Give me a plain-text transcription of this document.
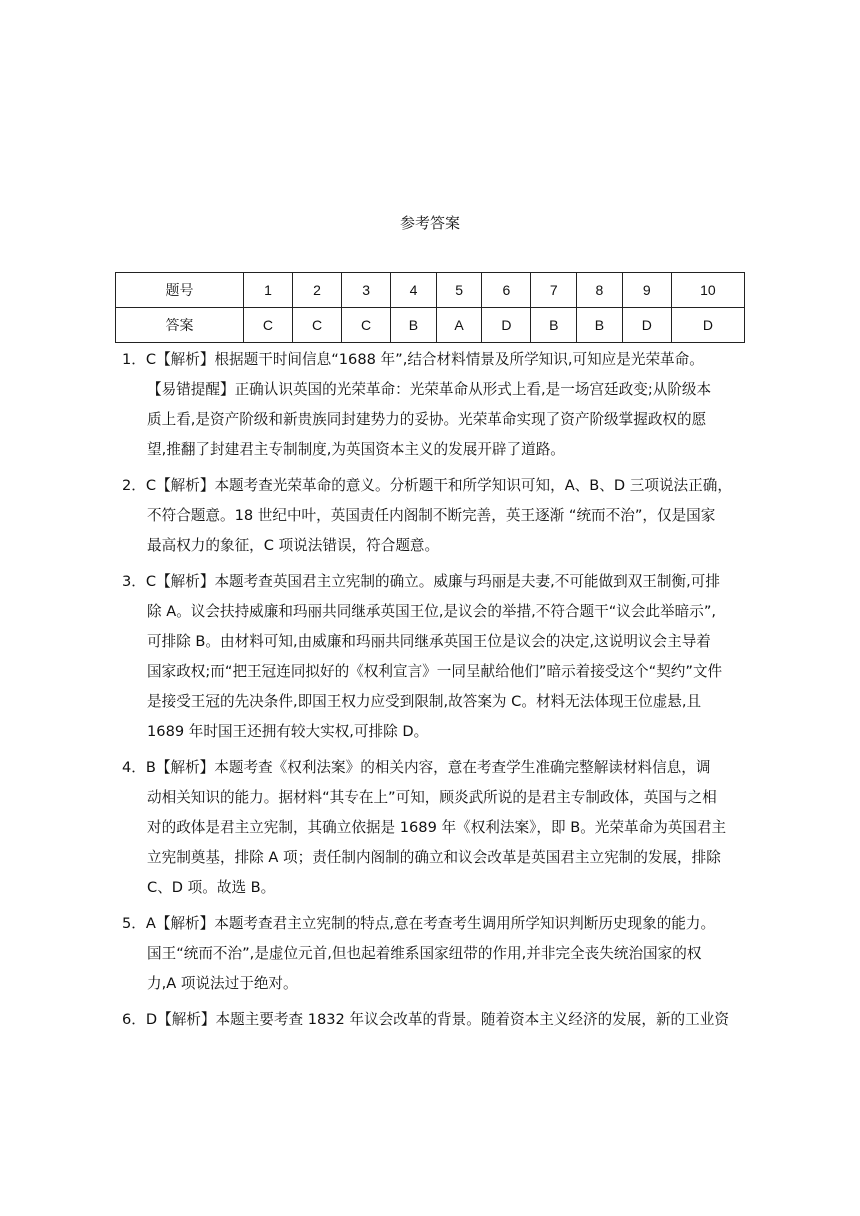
参考答案
题号	1	2	3	4	5	6	7	8	9	10
答案	C	C	C	B	A	D	B	B	D	D
1．C【解析】根据题干时间信息“1688 年”,结合材料情景及所学知识,可知应是光荣革命。
【易错提醒】正确认识英国的光荣革命：光荣革命从形式上看,是一场宫廷政变;从阶级本
质上看,是资产阶级和新贵族同封建势力的妥协。光荣革命实现了资产阶级掌握政权的愿
望,推翻了封建君主专制制度,为英国资本主义的发展开辟了道路。
2．C【解析】本题考查光荣革命的意义。分析题干和所学知识可知，A、B、D 三项说法正确，
不符合题意。18 世纪中叶，英国责任内阁制不断完善，英王逐渐 “统而不治”，仅是国家
最高权力的象征，C 项说法错误，符合题意。
3．C【解析】本题考查英国君主立宪制的确立。威廉与玛丽是夫妻,不可能做到双王制衡,可排
除 A。议会扶持威廉和玛丽共同继承英国王位,是议会的举措,不符合题干“议会此举暗示”,
可排除 B。由材料可知,由威廉和玛丽共同继承英国王位是议会的决定,这说明议会主导着
国家政权;而“把王冠连同拟好的《权利宣言》一同呈献给他们”暗示着接受这个“契约”文件
是接受王冠的先决条件,即国王权力应受到限制,故答案为 C。材料无法体现王位虚悬,且
1689 年时国王还拥有较大实权,可排除 D。
4．B【解析】本题考查《权利法案》的相关内容，意在考查学生准确完整解读材料信息，调
动相关知识的能力。据材料“其专在上”可知，顾炎武所说的是君主专制政体，英国与之相
对的政体是君主立宪制，其确立依据是 1689 年《权利法案》，即 B。光荣革命为英国君主
立宪制奠基，排除 A 项；责任制内阁制的确立和议会改革是英国君主立宪制的发展，排除
C、D 项。故选 B。
5．A【解析】本题考查君主立宪制的特点,意在考查考生调用所学知识判断历史现象的能力。
国王“统而不治”,是虚位元首,但也起着维系国家纽带的作用,并非完全丧失统治国家的权
力,A 项说法过于绝对。
6．D【解析】本题主要考查 1832 年议会改革的背景。随着资本主义经济的发展，新的工业资
